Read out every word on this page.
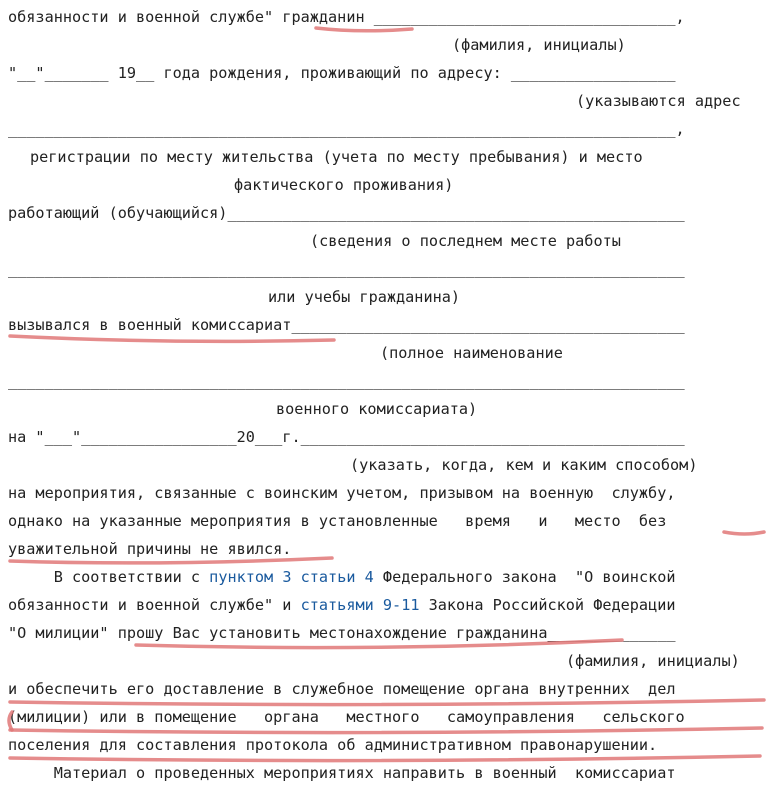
обязанности и военной службе" гражданин _________________________________,
(фамилия, инициалы)
"__"_______ 19__ года рождения, проживающий по адресу: __________________
(указываются адрес
_________________________________________________________________________,
регистрации по месту жительства (учета по месту пребывания) и место
фактического проживания)
работающий (обучающийся)__________________________________________________
(сведения о последнем месте работы
__________________________________________________________________________
или учебы гражданина)
вызывался в военный комиссариат___________________________________________
(полное наименование
__________________________________________________________________________
военного комиссариата)
на "___"_________________20___г.__________________________________________
(указать, когда, кем и каким способом)
на мероприятия, связанные с воинским учетом, призывом на военную  службу,
однако на указанные мероприятия в установленные   время   и   место  без
уважительной причины не явился.
В соответствии с пунктом 3 статьи 4 Федерального закона  "О воинской
обязанности и военной службе" и статьями 9-11 Закона Российской Федерации
"О милиции" прошу Вас установить местонахождение гражданина______________
(фамилия, инициалы)
и обеспечить его доставление в служебное помещение органа внутренних  дел
(милиции) или в помещение   органа   местного   самоуправления   сельского
поселения для составления протокола об административном правонарушении.
Материал о проведенных мероприятиях направить в военный  комиссариат
